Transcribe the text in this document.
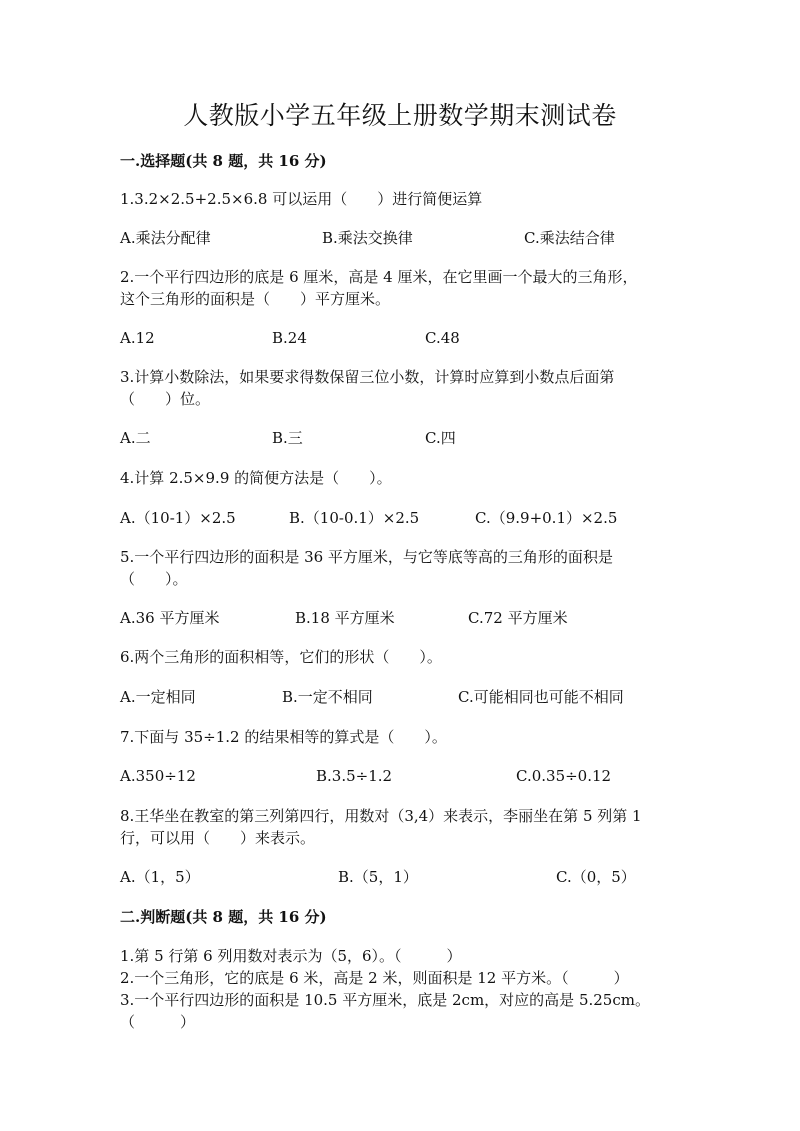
人教版小学五年级上册数学期末测试卷
一.选择题(共 8 题，共 16 分)
1.3.2×2.5+2.5×6.8 可以运用（　　）进行简便运算
A.乘法分配律	B.乘法交换律	C.乘法结合律
2.一个平行四边形的底是 6 厘米，高是 4 厘米，在它里画一个最大的三角形，
这个三角形的面积是（　　）平方厘米。
A.12	B.24	C.48
3.计算小数除法，如果要求得数保留三位小数，计算时应算到小数点后面第
（　　）位。
A.二	B.三	C.四
4.计算 2.5×9.9 的简便方法是（　　）。
A.（10-1）×2.5	B.（10-0.1）×2.5	C.（9.9+0.1）×2.5
5.一个平行四边形的面积是 36 平方厘米，与它等底等高的三角形的面积是
（　　）。
A.36 平方厘米	B.18 平方厘米	C.72 平方厘米
6.两个三角形的面积相等，它们的形状（　　）。
A.一定相同	B.一定不相同	C.可能相同也可能不相同
7.下面与 35÷1.2 的结果相等的算式是（　　）。
A.350÷12	B.3.5÷1.2	C.0.35÷0.12
8.王华坐在教室的第三列第四行，用数对（3,4）来表示，李丽坐在第 5 列第 1
行，可以用（　　）来表示。
A.（1，5）	B.（5，1）	C.（0，5）
二.判断题(共 8 题，共 16 分)
1.第 5 行第 6 列用数对表示为（5，6）。（　　　）
2.一个三角形，它的底是 6 米，高是 2 米，则面积是 12 平方米。（　　　）
3.一个平行四边形的面积是 10.5 平方厘米，底是 2cm，对应的高是 5.25cm。
（　　　）
